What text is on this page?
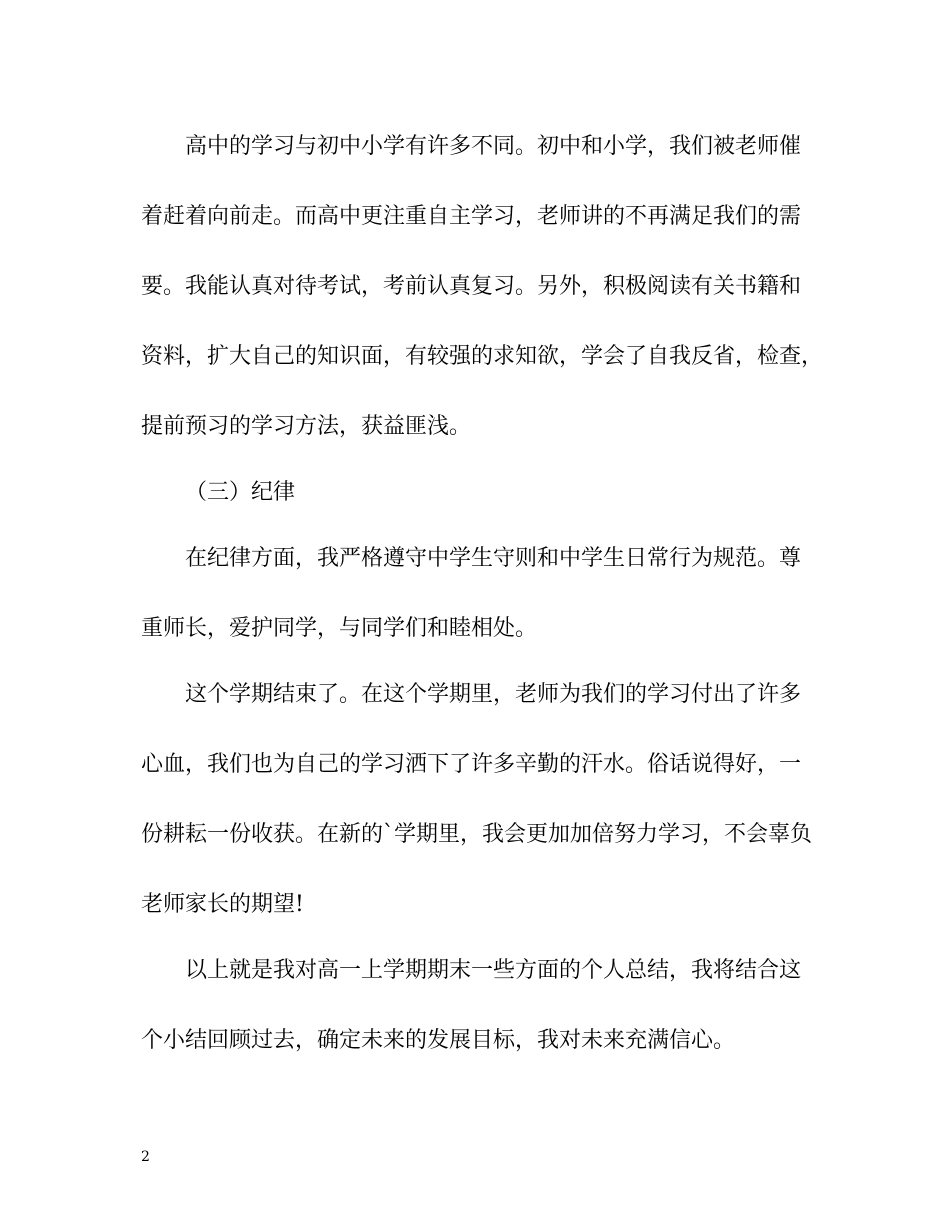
高中的学习与初中小学有许多不同。初中和小学，我们被老师催
着赶着向前走。而高中更注重自主学习，老师讲的不再满足我们的需
要。我能认真对待考试，考前认真复习。另外，积极阅读有关书籍和
资料，扩大自己的知识面，有较强的求知欲，学会了自我反省，检查，
提前预习的学习方法，获益匪浅。
（三）纪律
在纪律方面，我严格遵守中学生守则和中学生日常行为规范。尊
重师长，爱护同学，与同学们和睦相处。
这个学期结束了。在这个学期里，老师为我们的学习付出了许多
心血，我们也为自己的学习洒下了许多辛勤的汗水。俗话说得好，一
份耕耘一份收获。在新的`学期里，我会更加加倍努力学习，不会辜负
老师家长的期望!
以上就是我对高一上学期期末一些方面的个人总结，我将结合这
个小结回顾过去，确定未来的发展目标，我对未来充满信心。
2
